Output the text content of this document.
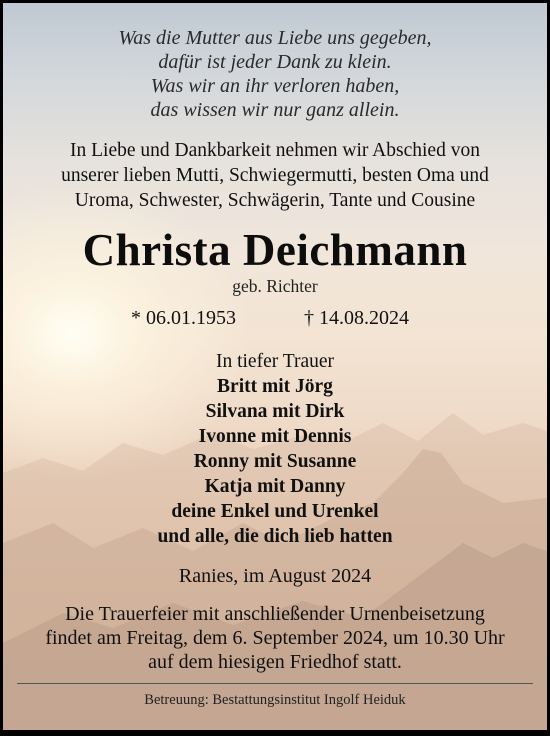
Was die Mutter aus Liebe uns gegeben,
dafür ist jeder Dank zu klein.
Was wir an ihr verloren haben,
das wissen wir nur ganz allein.
In Liebe und Dankbarkeit nehmen wir Abschied von
unserer lieben Mutti, Schwiegermutti, besten Oma und
Uroma, Schwester, Schwägerin, Tante und Cousine
Christa Deichmann
geb. Richter
* 06.01.1953	† 14.08.2024
In tiefer Trauer
Britt mit Jörg
Silvana mit Dirk
Ivonne mit Dennis
Ronny mit Susanne
Katja mit Danny
deine Enkel und Urenkel
und alle, die dich lieb hatten
Ranies, im August 2024
Die Trauerfeier mit anschließender Urnenbeisetzung
findet am Freitag, dem 6. September 2024, um 10.30 Uhr
auf dem hiesigen Friedhof statt.
Betreuung: Bestattungsinstitut Ingolf Heiduk
